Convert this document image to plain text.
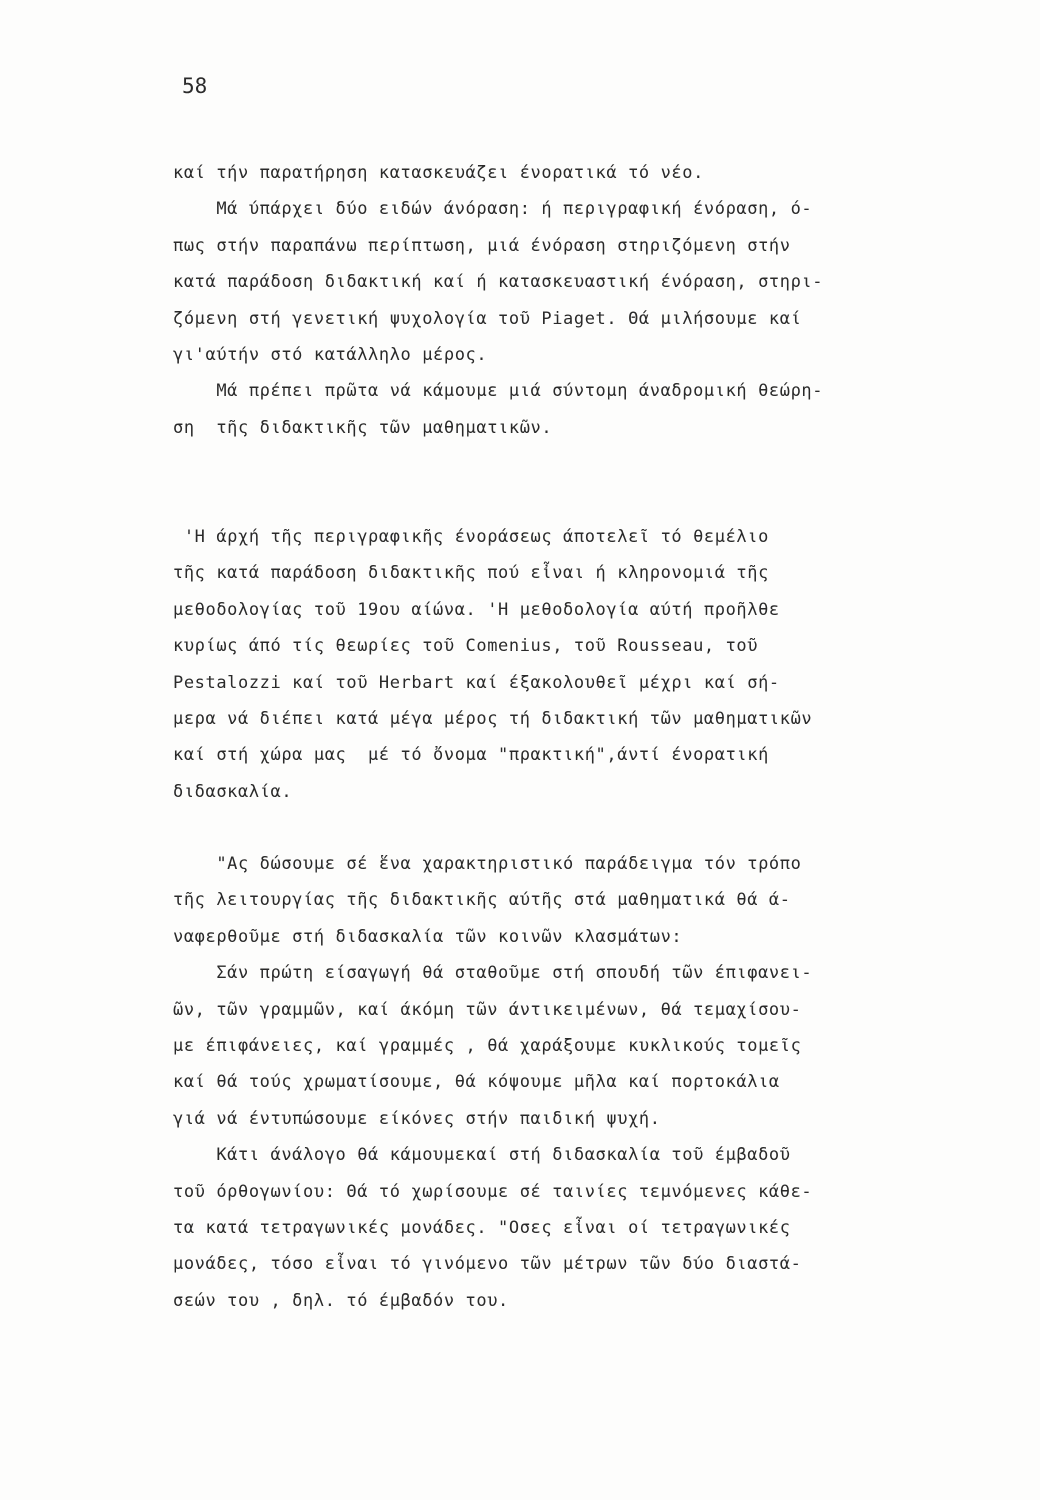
58

καί τήν παρατήρηση κατασκευάζει ένορατικά τό νέο.
Μά ύπάρχει δύο ειδών άνόραση: ή περιγραφική ένόραση, ό-
πως στήν παραπάνω περίπτωση, μιά ένόραση στηριζόμενη στήν
κατά παράδοση διδακτική καί ή κατασκευαστική ένόραση, στηρι-
ζόμενη στή γενετική ψυχολογία τοῦ Piaget. Θά μιλήσουμε καί
γι'αύτήν στό κατάλληλο μέρος.
Μά πρέπει πρῶτα νά κάμουμε μιά σύντομη άναδρομική θεώρη-
ση  τῆς διδακτικῆς τῶν μαθηματικῶν.
'Η άρχή τῆς περιγραφικῆς ένοράσεως άποτελεῖ τό θεμέλιο
τῆς κατά παράδοση διδακτικῆς πού εἶναι ή κληρονομιά τῆς
μεθοδολογίας τοῦ 19ου αίώνα. 'Η μεθοδολογία αύτή προῆλθε
κυρίως άπό τίς θεωρίες τοῦ Comenius, τοῦ Rousseau, τοῦ
Pestalozzi καί τοῦ Herbart καί έξακολουθεῖ μέχρι καί σή-
μερα νά διέπει κατά μέγα μέρος τή διδακτική τῶν μαθηματικῶν
καί στή χώρα μας  μέ τό ὄνομα "πρακτική",άντί ένορατική
διδασκαλία.
"Ας δώσουμε σέ ἕνα χαρακτηριστικό παράδειγμα τόν τρόπο
τῆς λειτουργίας τῆς διδακτικῆς αύτῆς στά μαθηματικά θά ά-
ναφερθοῦμε στή διδασκαλία τῶν κοινῶν κλασμάτων:
Σάν πρώτη είσαγωγή θά σταθοῦμε στή σπουδή τῶν έπιφανει-
ῶν, τῶν γραμμῶν, καί άκόμη τῶν άντικειμένων, θά τεμαχίσου-
με έπιφάνειες, καί γραμμές , θά χαράξουμε κυκλικούς τομεῖς
καί θά τούς χρωματίσουμε, θά κόψουμε μῆλα καί πορτοκάλια
γιά νά έντυπώσουμε είκόνες στήν παιδική ψυχή.
Κάτι άνάλογο θά κάμουμεκαί στή διδασκαλία τοῦ έμβαδοῦ
τοῦ όρθογωνίου: Θά τό χωρίσουμε σέ ταινίες τεμνόμενες κάθε-
τα κατά τετραγωνικές μονάδες. "Οσες εἶναι οί τετραγωνικές
μονάδες, τόσο εἶναι τό γινόμενο τῶν μέτρων τῶν δύο διαστά-
σεών του , δηλ. τό έμβαδόν του.
